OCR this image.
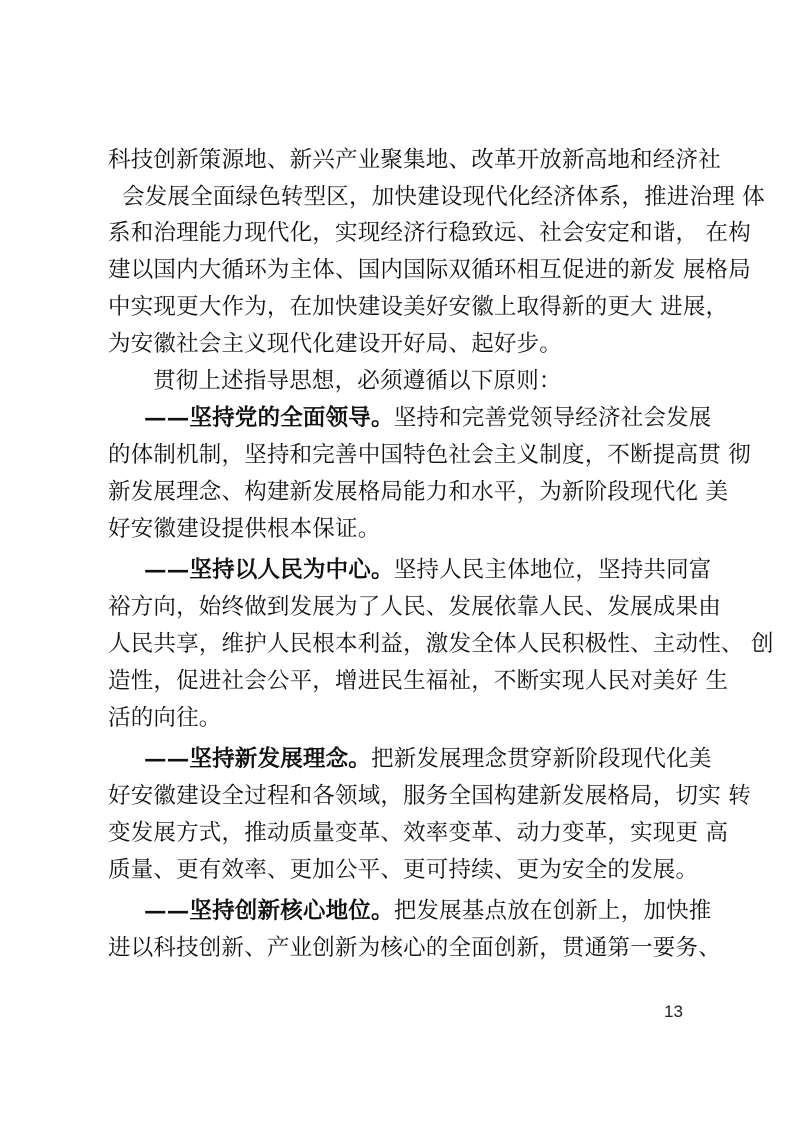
科技创新策源地、新兴产业聚集地、改革开放新高地和经济社
会发展全面绿色转型区，加快建设现代化经济体系，推进治理 体
系和治理能力现代化，实现经济行稳致远、社会安定和谐， 在构
建以国内大循环为主体、国内国际双循环相互促进的新发 展格局
中实现更大作为，在加快建设美好安徽上取得新的更大 进展，
为安徽社会主义现代化建设开好局、起好步。
贯彻上述指导思想，必须遵循以下原则：
——坚持党的全面领导。坚持和完善党领导经济社会发展
的体制机制，坚持和完善中国特色社会主义制度，不断提高贯 彻
新发展理念、构建新发展格局能力和水平，为新阶段现代化 美
好安徽建设提供根本保证。
——坚持以人民为中心。坚持人民主体地位，坚持共同富
裕方向，始终做到发展为了人民、发展依靠人民、发展成果由
人民共享，维护人民根本利益，激发全体人民积极性、主动性、 创
造性，促进社会公平，增进民生福祉，不断实现人民对美好 生
活的向往。
——坚持新发展理念。把新发展理念贯穿新阶段现代化美
好安徽建设全过程和各领域，服务全国构建新发展格局，切实 转
变发展方式，推动质量变革、效率变革、动力变革，实现更 高
质量、更有效率、更加公平、更可持续、更为安全的发展。
——坚持创新核心地位。把发展基点放在创新上，加快推
进以科技创新、产业创新为核心的全面创新，贯通第一要务、
13
